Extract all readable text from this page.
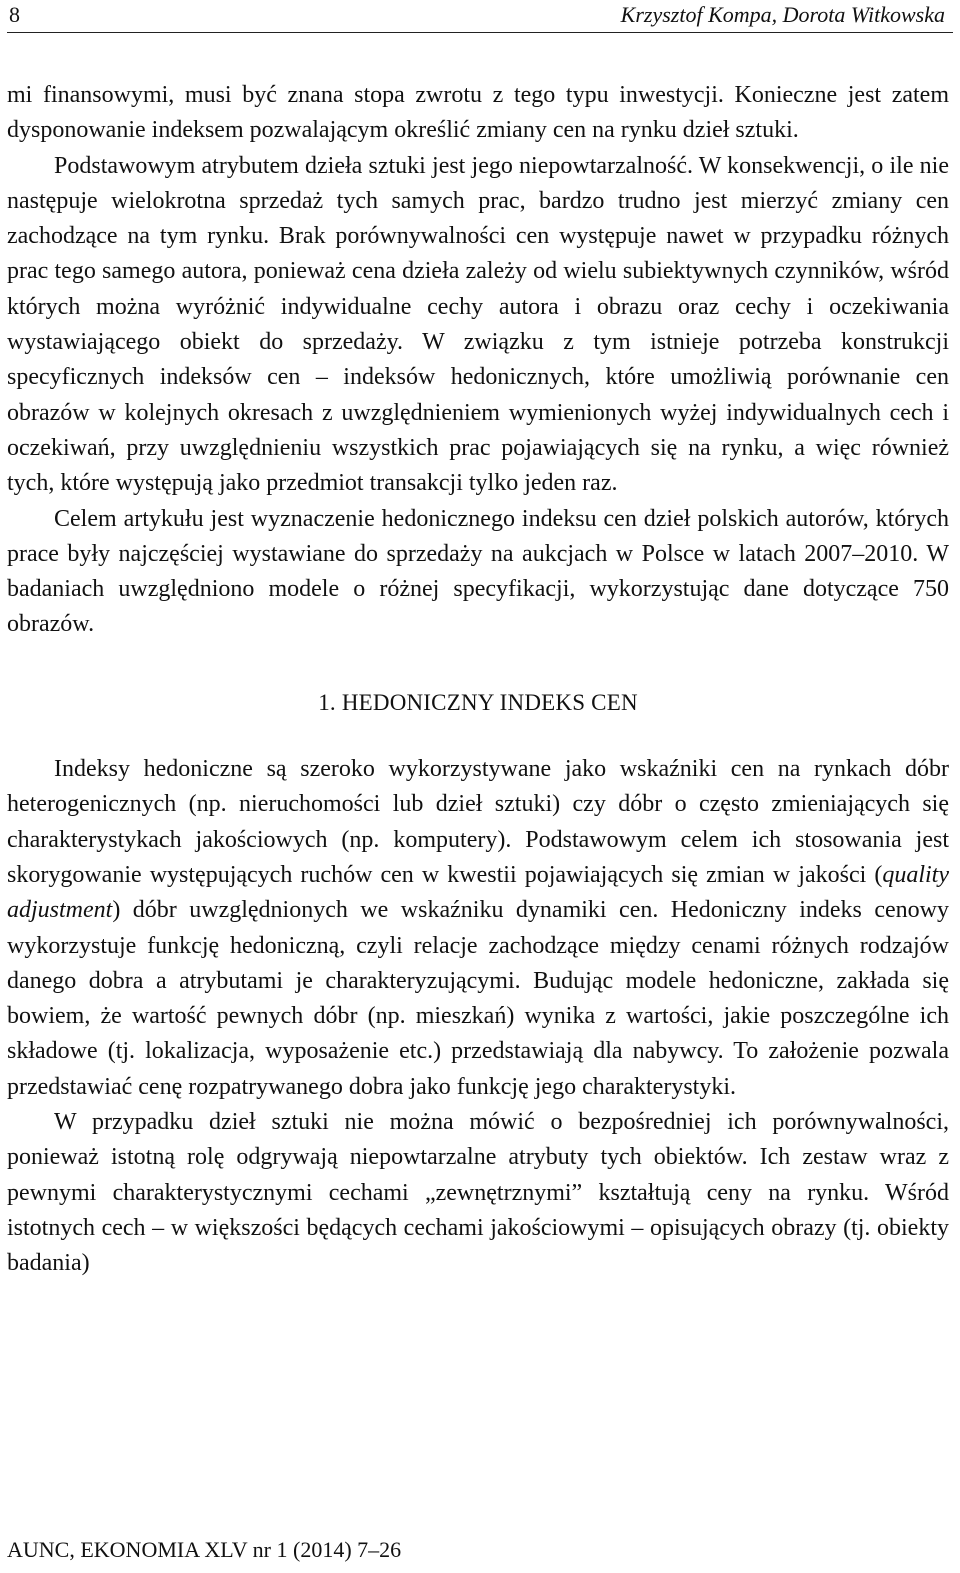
8	Krzysztof Kompa, Dorota Witkowska

mi finansowymi, musi być znana stopa zwrotu z tego typu inwestycji. Konieczne jest zatem dysponowanie indeksem pozwalającym określić zmiany cen na rynku dzieł sztuki.

Podstawowym atrybutem dzieła sztuki jest jego niepowtarzalność. W konsekwencji, o ile nie następuje wielokrotna sprzedaż tych samych prac, bardzo trudno jest mierzyć zmiany cen zachodzące na tym rynku. Brak porównywalności cen występuje nawet w przypadku różnych prac tego samego autora, ponieważ cena dzieła zależy od wielu subiektywnych czynników, wśród których można wyróżnić indywidualne cechy autora i obrazu oraz cechy i oczekiwania wystawiającego obiekt do sprzedaży. W związku z tym istnieje potrzeba konstrukcji specyficznych indeksów cen – indeksów hedonicznych, które umożliwią porównanie cen obrazów w kolejnych okresach z uwzględnieniem wymienionych wyżej indywidualnych cech i oczekiwań, przy uwzględnieniu wszystkich prac pojawiających się na rynku, a więc również tych, które występują jako przedmiot transakcji tylko jeden raz.

Celem artykułu jest wyznaczenie hedonicznego indeksu cen dzieł polskich autorów, których prace były najczęściej wystawiane do sprzedaży na aukcjach w Polsce w latach 2007–2010. W badaniach uwzględniono modele o różnej specyfikacji, wykorzystując dane dotyczące 750 obrazów.

1. HEDONICZNY INDEKS CEN

Indeksy hedoniczne są szeroko wykorzystywane jako wskaźniki cen na rynkach dóbr heterogenicznych (np. nieruchomości lub dzieł sztuki) czy dóbr o często zmieniających się charakterystykach jakościowych (np. komputery). Podstawowym celem ich stosowania jest skorygowanie występujących ruchów cen w kwestii pojawiających się zmian w jakości (quality adjustment) dóbr uwzględnionych we wskaźniku dynamiki cen. Hedoniczny indeks cenowy wykorzystuje funkcję hedoniczną, czyli relacje zachodzące między cenami różnych rodzajów danego dobra a atrybutami je charakteryzującymi. Budując modele hedoniczne, zakłada się bowiem, że wartość pewnych dóbr (np. mieszkań) wynika z wartości, jakie poszczególne ich składowe (tj. lokalizacja, wyposażenie etc.) przedstawiają dla nabywcy. To założenie pozwala przedstawiać cenę rozpatrywanego dobra jako funkcję jego charakterystyki.

W przypadku dzieł sztuki nie można mówić o bezpośredniej ich porównywalności, ponieważ istotną rolę odgrywają niepowtarzalne atrybuty tych obiektów. Ich zestaw wraz z pewnymi charakterystycznymi cechami „zewnętrznymi” kształtują ceny na rynku. Wśród istotnych cech – w większości będących cechami jakościowymi – opisujących obrazy (tj. obiekty badania)

AUNC, EKONOMIA XLV nr 1 (2014) 7–26
